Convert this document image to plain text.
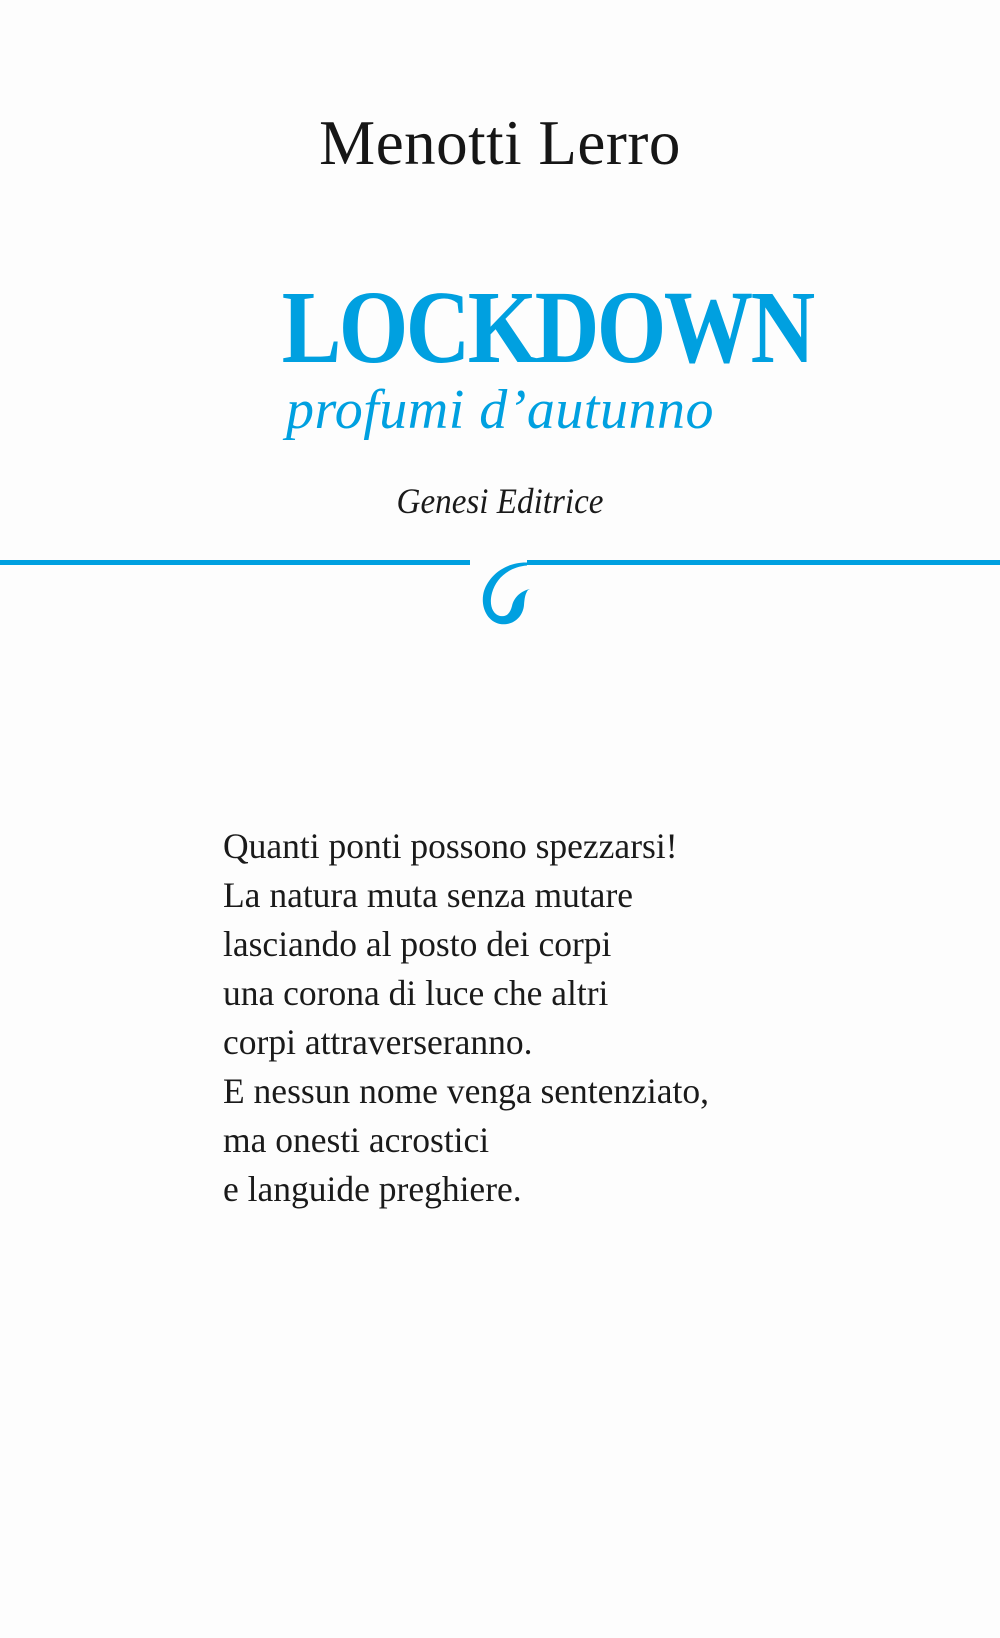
Menotti Lerro
LOCKDOWN
profumi d’autunno
Genesi Editrice
Quanti ponti possono spezzarsi!
La natura muta senza mutare
lasciando al posto dei corpi
una corona di luce che altri
corpi attraverseranno.
E nessun nome venga sentenziato,
ma onesti acrostici
e languide preghiere.
